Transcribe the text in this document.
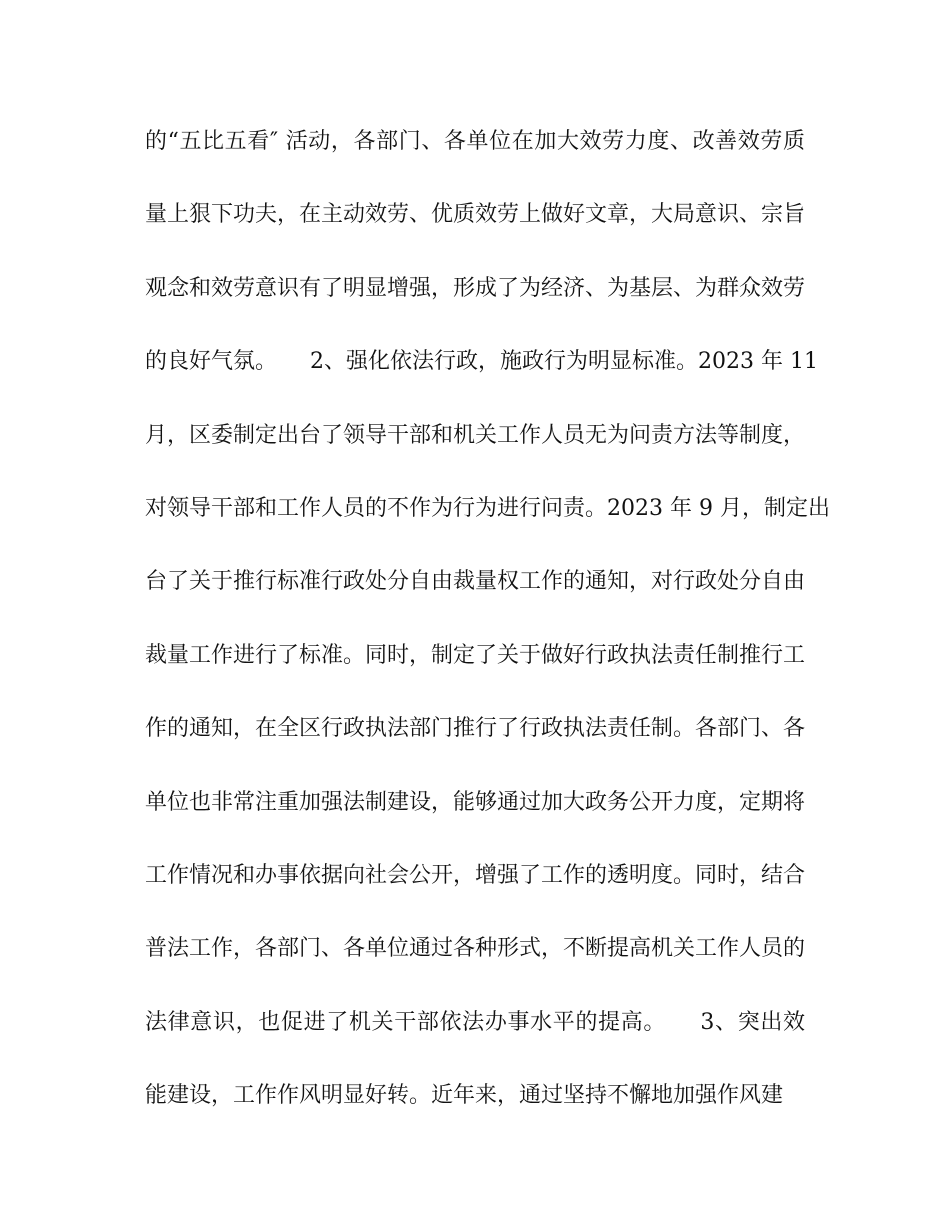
的“五比五看″ 活动，各部门、各单位在加大效劳力度、改善效劳质
量上狠下功夫，在主动效劳、优质效劳上做好文章，大局意识、宗旨
观念和效劳意识有了明显增强，形成了为经济、为基层、为群众效劳
的良好气氛。　　2、强化依法行政，施政行为明显标准。2023 年 11
月，区委制定出台了领导干部和机关工作人员无为问责方法等制度，
对领导干部和工作人员的不作为行为进行问责。2023 年 9 月，制定出
台了关于推行标准行政处分自由裁量权工作的通知，对行政处分自由
裁量工作进行了标准。同时，制定了关于做好行政执法责任制推行工
作的通知，在全区行政执法部门推行了行政执法责任制。各部门、各
单位也非常注重加强法制建设，能够通过加大政务公开力度，定期将
工作情况和办事依据向社会公开，增强了工作的透明度。同时，结合
普法工作，各部门、各单位通过各种形式，不断提高机关工作人员的
法律意识，也促进了机关干部依法办事水平的提高。　　3、突出效
能建设，工作作风明显好转。近年来，通过坚持不懈地加强作风建
